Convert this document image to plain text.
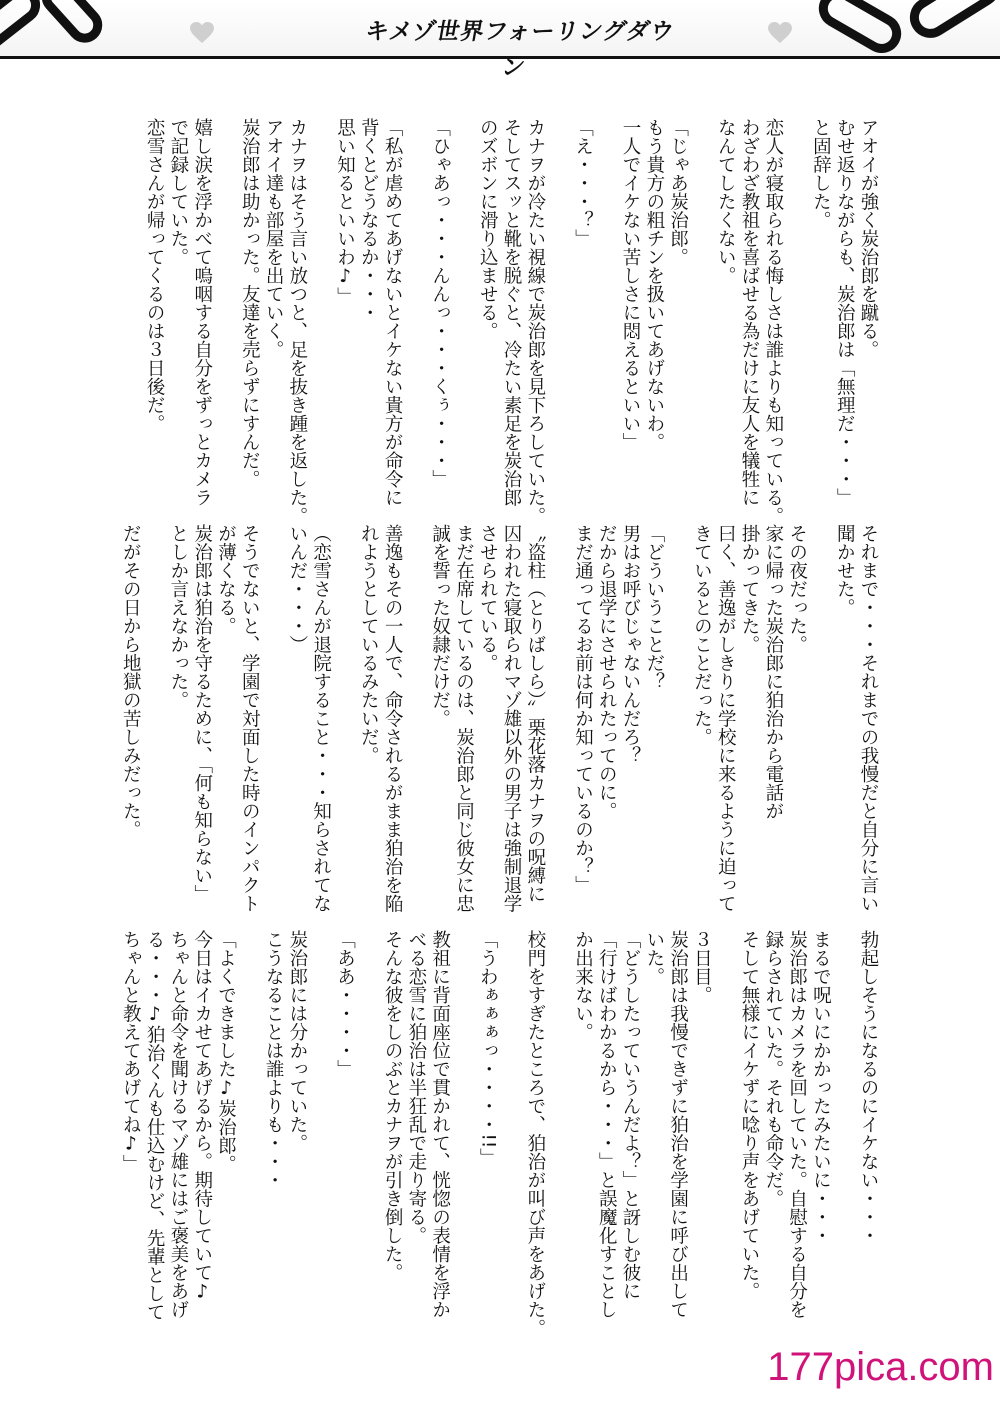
キメゾ世界フォーリングダウン
アオイが強く炭治郎を蹴る。
むせ返りながらも、炭治郎は「無理だ・・・」
と固辞した。

恋人が寝取られる悔しさは誰よりも知っている。
わざわざ教祖を喜ばせる為だけに友人を犠牲に
なんてしたくない。

「じゃあ炭治郎。
もう貴方の粗チンを扱いてあげないわ。
一人でイケない苦しさに悶えるといい」

「え・・・？」

カナヲが冷たい視線で炭治郎を見下ろしていた。
そしてスッと靴を脱ぐと、冷たい素足を炭治郎
のズボンに滑り込ませる。

「ひゃあっ・・・んんっ・・・くぅ・・・」

「私が虐めてあげないとイケない貴方が命令に
背くとどうなるか・・・
思い知るといいわ♪」

カナヲはそう言い放つと、足を抜き踵を返した。
アオイ達も部屋を出ていく。
炭治郎は助かった。友達を売らずにすんだ。

嬉し涙を浮かべて嗚咽する自分をずっとカメラ
で記録していた。
恋雪さんが帰ってくるのは３日後だ。
それまで・・・それまでの我慢だと自分に言い
聞かせた。

その夜だった。
家に帰った炭治郎に狛治から電話が
掛かってきた。
曰く、善逸がしきりに学校に来るように迫って
きているとのことだった。

「どういうことだ？
男はお呼びじゃないんだろ？
だから退学にさせられたってのに。
まだ通ってるお前は何か知っているのか？」

〝盗柱（とりばしら）〟栗花落カナヲの呪縛に
囚われた寝取られマゾ雄以外の男子は強制退学
させられている。
まだ在席しているのは、炭治郎と同じ彼女に忠
誠を誓った奴隷だけだ。

善逸もその一人で、命令されるがまま狛治を陥
れようとしているみたいだ。

（恋雪さんが退院すること・・・知らされてな
いんだ・・・）

そうでないと、学園で対面した時のインパクト
が薄くなる。
炭治郎は狛治を守るために、「何も知らない」
としか言えなかった。

だがその日から地獄の苦しみだった。
勃起しそうになるのにイケない・・・

まるで呪いにかかったみたいに・・・
炭治郎はカメラを回していた。自慰する自分を
録らされていた。それも命令だ。
そして無様にイケずに唸り声をあげていた。

３日目。
炭治郎は我慢できずに狛治を学園に呼び出して
いた。
「どうしたっていうんだよ？」と訝しむ彼に
「行けばわかるから・・・」と誤魔化すことし
か出来ない。

校門をすぎたところで、狛治が叫び声をあげた。

「うわぁぁぁっ・・・・!!」

教祖に背面座位で貫かれて、恍惚の表情を浮か
べる恋雪に狛治は半狂乱で走り寄る。
そんな彼をしのぶとカナヲが引き倒した。

「ああ・・・・」

炭治郎には分かっていた。
こうなることは誰よりも・・・

「よくできました♪炭治郎。
今日はイカせてあげるから。期待していて♪
ちゃんと命令を聞けるマゾ雄にはご褒美をあげ
る・・・♪狛治くんも仕込むけど、先輩として
ちゃんと教えてあげてね♪」
177pica.com
